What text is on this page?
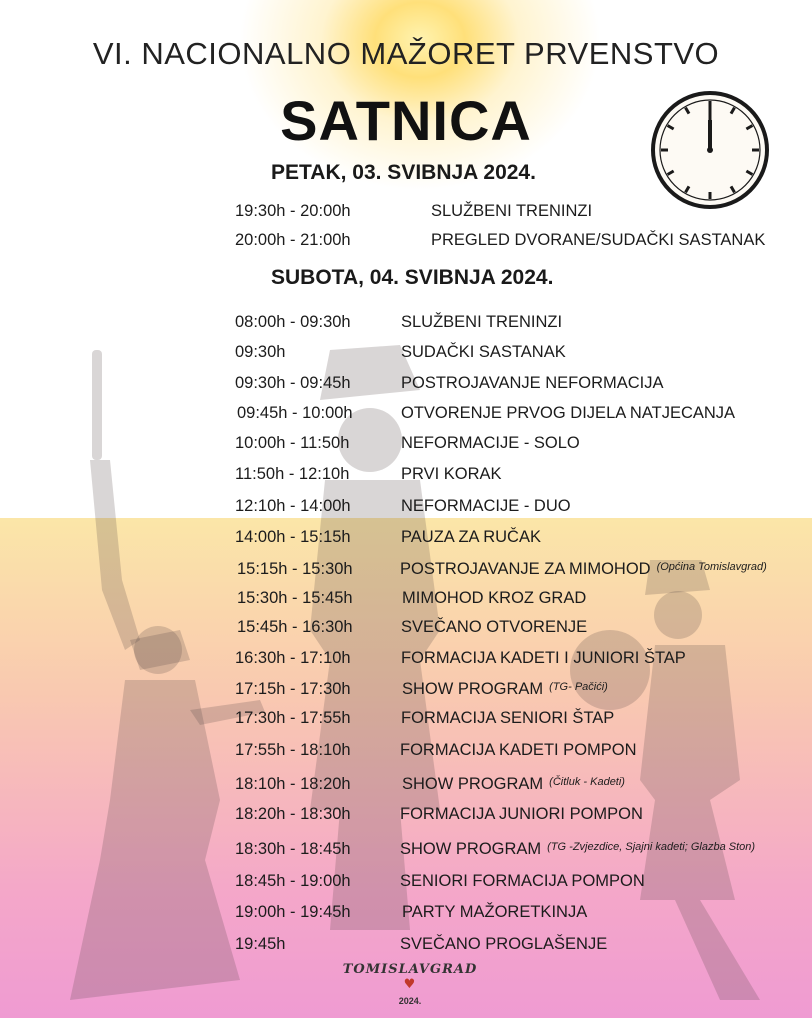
VI. NACIONALNO MAŽORET PRVENSTVO
SATNICA
PETAK, 03. SVIBNJA 2024.
19:30h - 20:00h	SLUŽBENI TRENINZI
20:00h - 21:00h	PREGLED DVORANE/SUDAČKI SASTANAK
SUBOTA, 04. SVIBNJA 2024.
08:00h - 09:30h	SLUŽBENI TRENINZI
09:30h	SUDAČKI SASTANAK
09:30h - 09:45h	POSTROJAVANJE NEFORMACIJA
09:45h - 10:00h	OTVORENJE PRVOG DIJELA NATJECANJA
10:00h - 11:50h	NEFORMACIJE - SOLO
11:50h - 12:10h	PRVI KORAK
12:10h - 14:00h	NEFORMACIJE - DUO
14:00h - 15:15h	PAUZA ZA RUČAK
15:15h - 15:30h	POSTROJAVANJE ZA MIMOHOD $^{(Općina Tomislavgrad)}$
15:30h - 15:45h	MIMOHOD KROZ GRAD
15:45h - 16:30h	SVEČANO OTVORENJE
16:30h - 17:10h	FORMACIJA KADETI I JUNIORI ŠTAP
17:15h - 17:30h	SHOW PROGRAM $^{(TG- Pačići)}$
17:30h - 17:55h	FORMACIJA SENIORI ŠTAP
17:55h - 18:10h	FORMACIJA KADETI POMPON
18:10h - 18:20h	SHOW PROGRAM $^{(Čitluk - Kadeti)}$
18:20h - 18:30h	FORMACIJA JUNIORI POMPON
18:30h - 18:45h	SHOW PROGRAM $^{(TG -Zvjezdice, Sjajni kadeti; Glazba Ston)}$
18:45h - 19:00h	SENIORI FORMACIJA POMPON
19:00h - 19:45h	PARTY MAŽORETKINJA
19:45h	SVEČANO PROGLAŠENJE
TOMISLAVGRAD ♥
2024.
